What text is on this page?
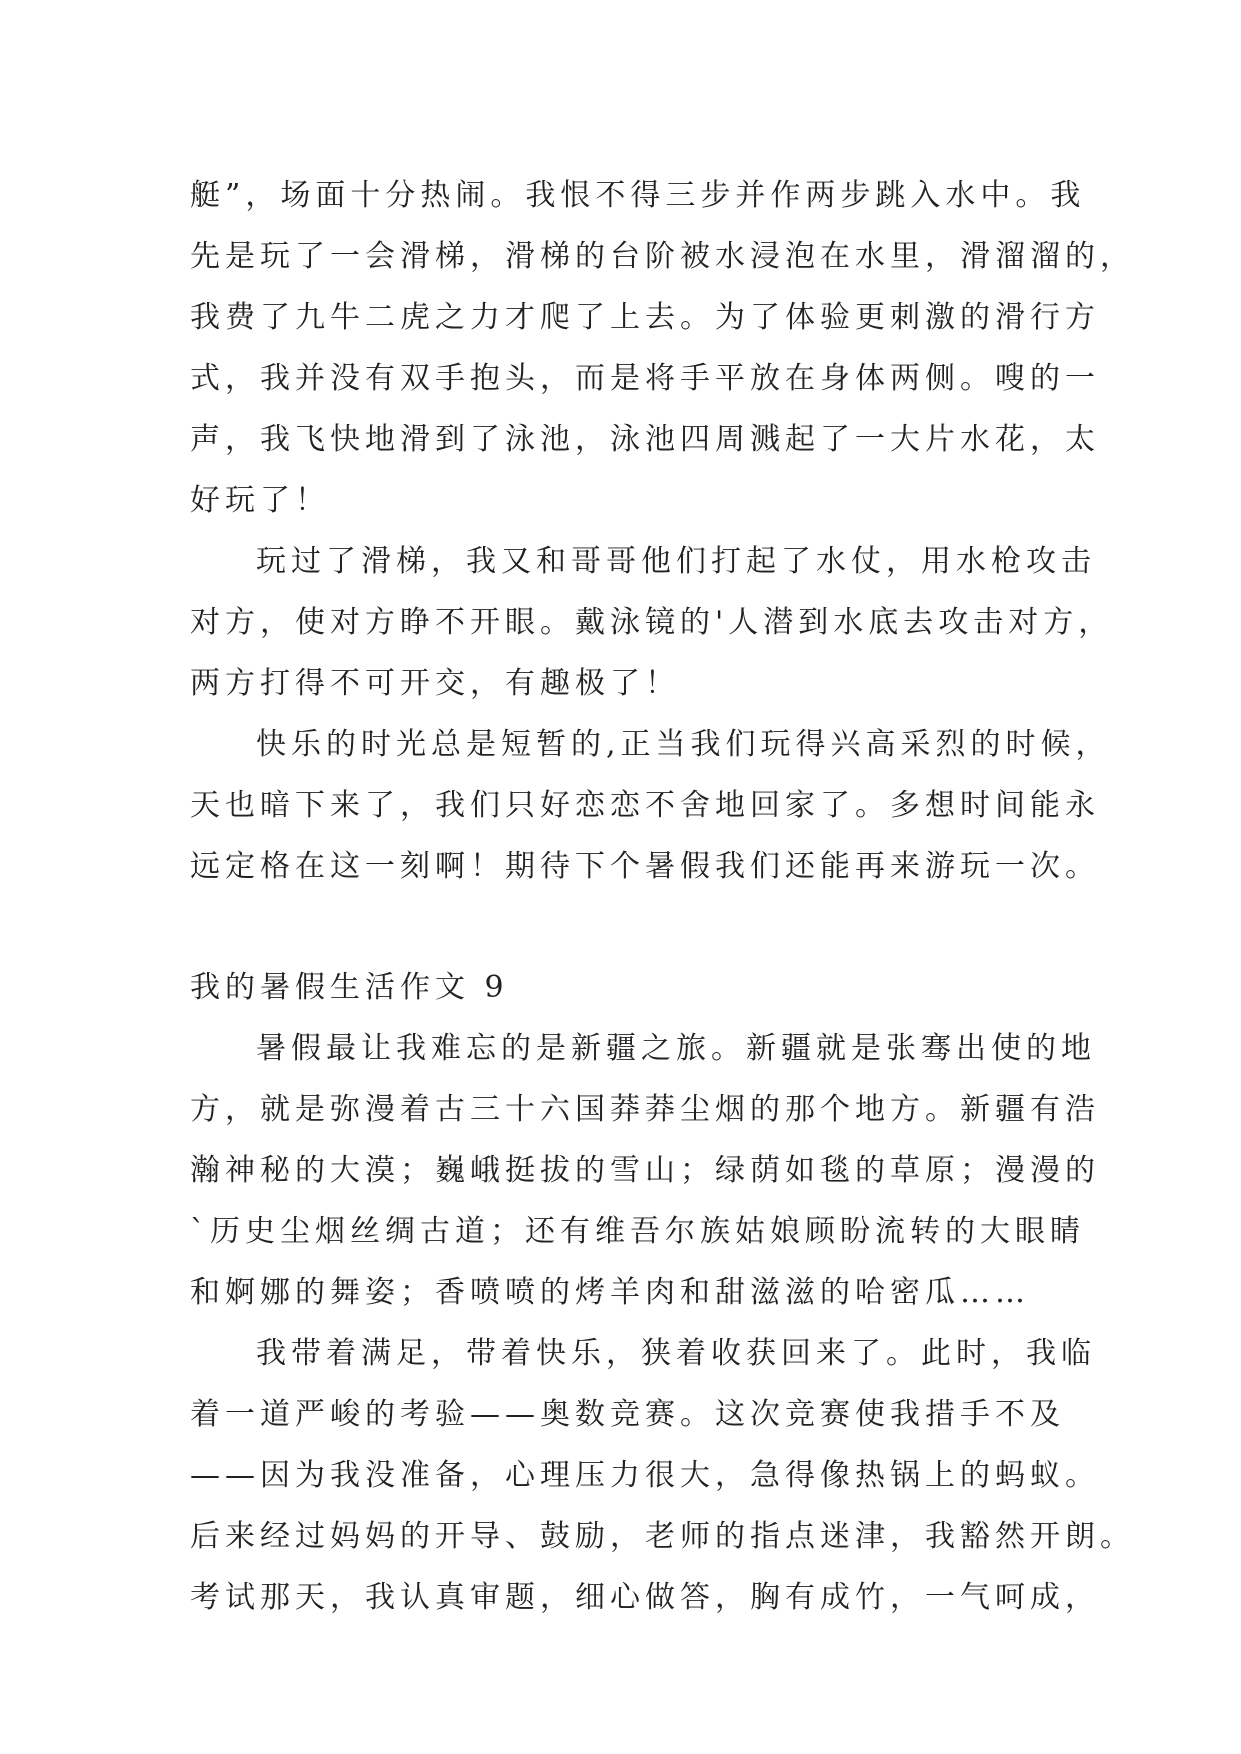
艇”，场面十分热闹。我恨不得三步并作两步跳入水中。我
先是玩了一会滑梯，滑梯的台阶被水浸泡在水里，滑溜溜的，
我费了九牛二虎之力才爬了上去。为了体验更刺激的滑行方
式，我并没有双手抱头，而是将手平放在身体两侧。嗖的一
声，我飞快地滑到了泳池，泳池四周溅起了一大片水花，太
好玩了！
玩过了滑梯，我又和哥哥他们打起了水仗，用水枪攻击
对方，使对方睁不开眼。戴泳镜的'人潜到水底去攻击对方，
两方打得不可开交，有趣极了！
快乐的时光总是短暂的,正当我们玩得兴高采烈的时候，
天也暗下来了，我们只好恋恋不舍地回家了。多想时间能永
远定格在这一刻啊！期待下个暑假我们还能再来游玩一次。
我的暑假生活作文 9
暑假最让我难忘的是新疆之旅。新疆就是张骞出使的地
方，就是弥漫着古三十六国莽莽尘烟的那个地方。新疆有浩
瀚神秘的大漠；巍峨挺拔的雪山；绿荫如毯的草原；漫漫的
`历史尘烟丝绸古道；还有维吾尔族姑娘顾盼流转的大眼睛
和婀娜的舞姿；香喷喷的烤羊肉和甜滋滋的哈密瓜……
我带着满足，带着快乐，狭着收获回来了。此时，我临
着一道严峻的考验——奥数竞赛。这次竞赛使我措手不及
——因为我没准备，心理压力很大，急得像热锅上的蚂蚁。
后来经过妈妈的开导、鼓励，老师的指点迷津，我豁然开朗。
考试那天，我认真审题，细心做答，胸有成竹，一气呵成，
